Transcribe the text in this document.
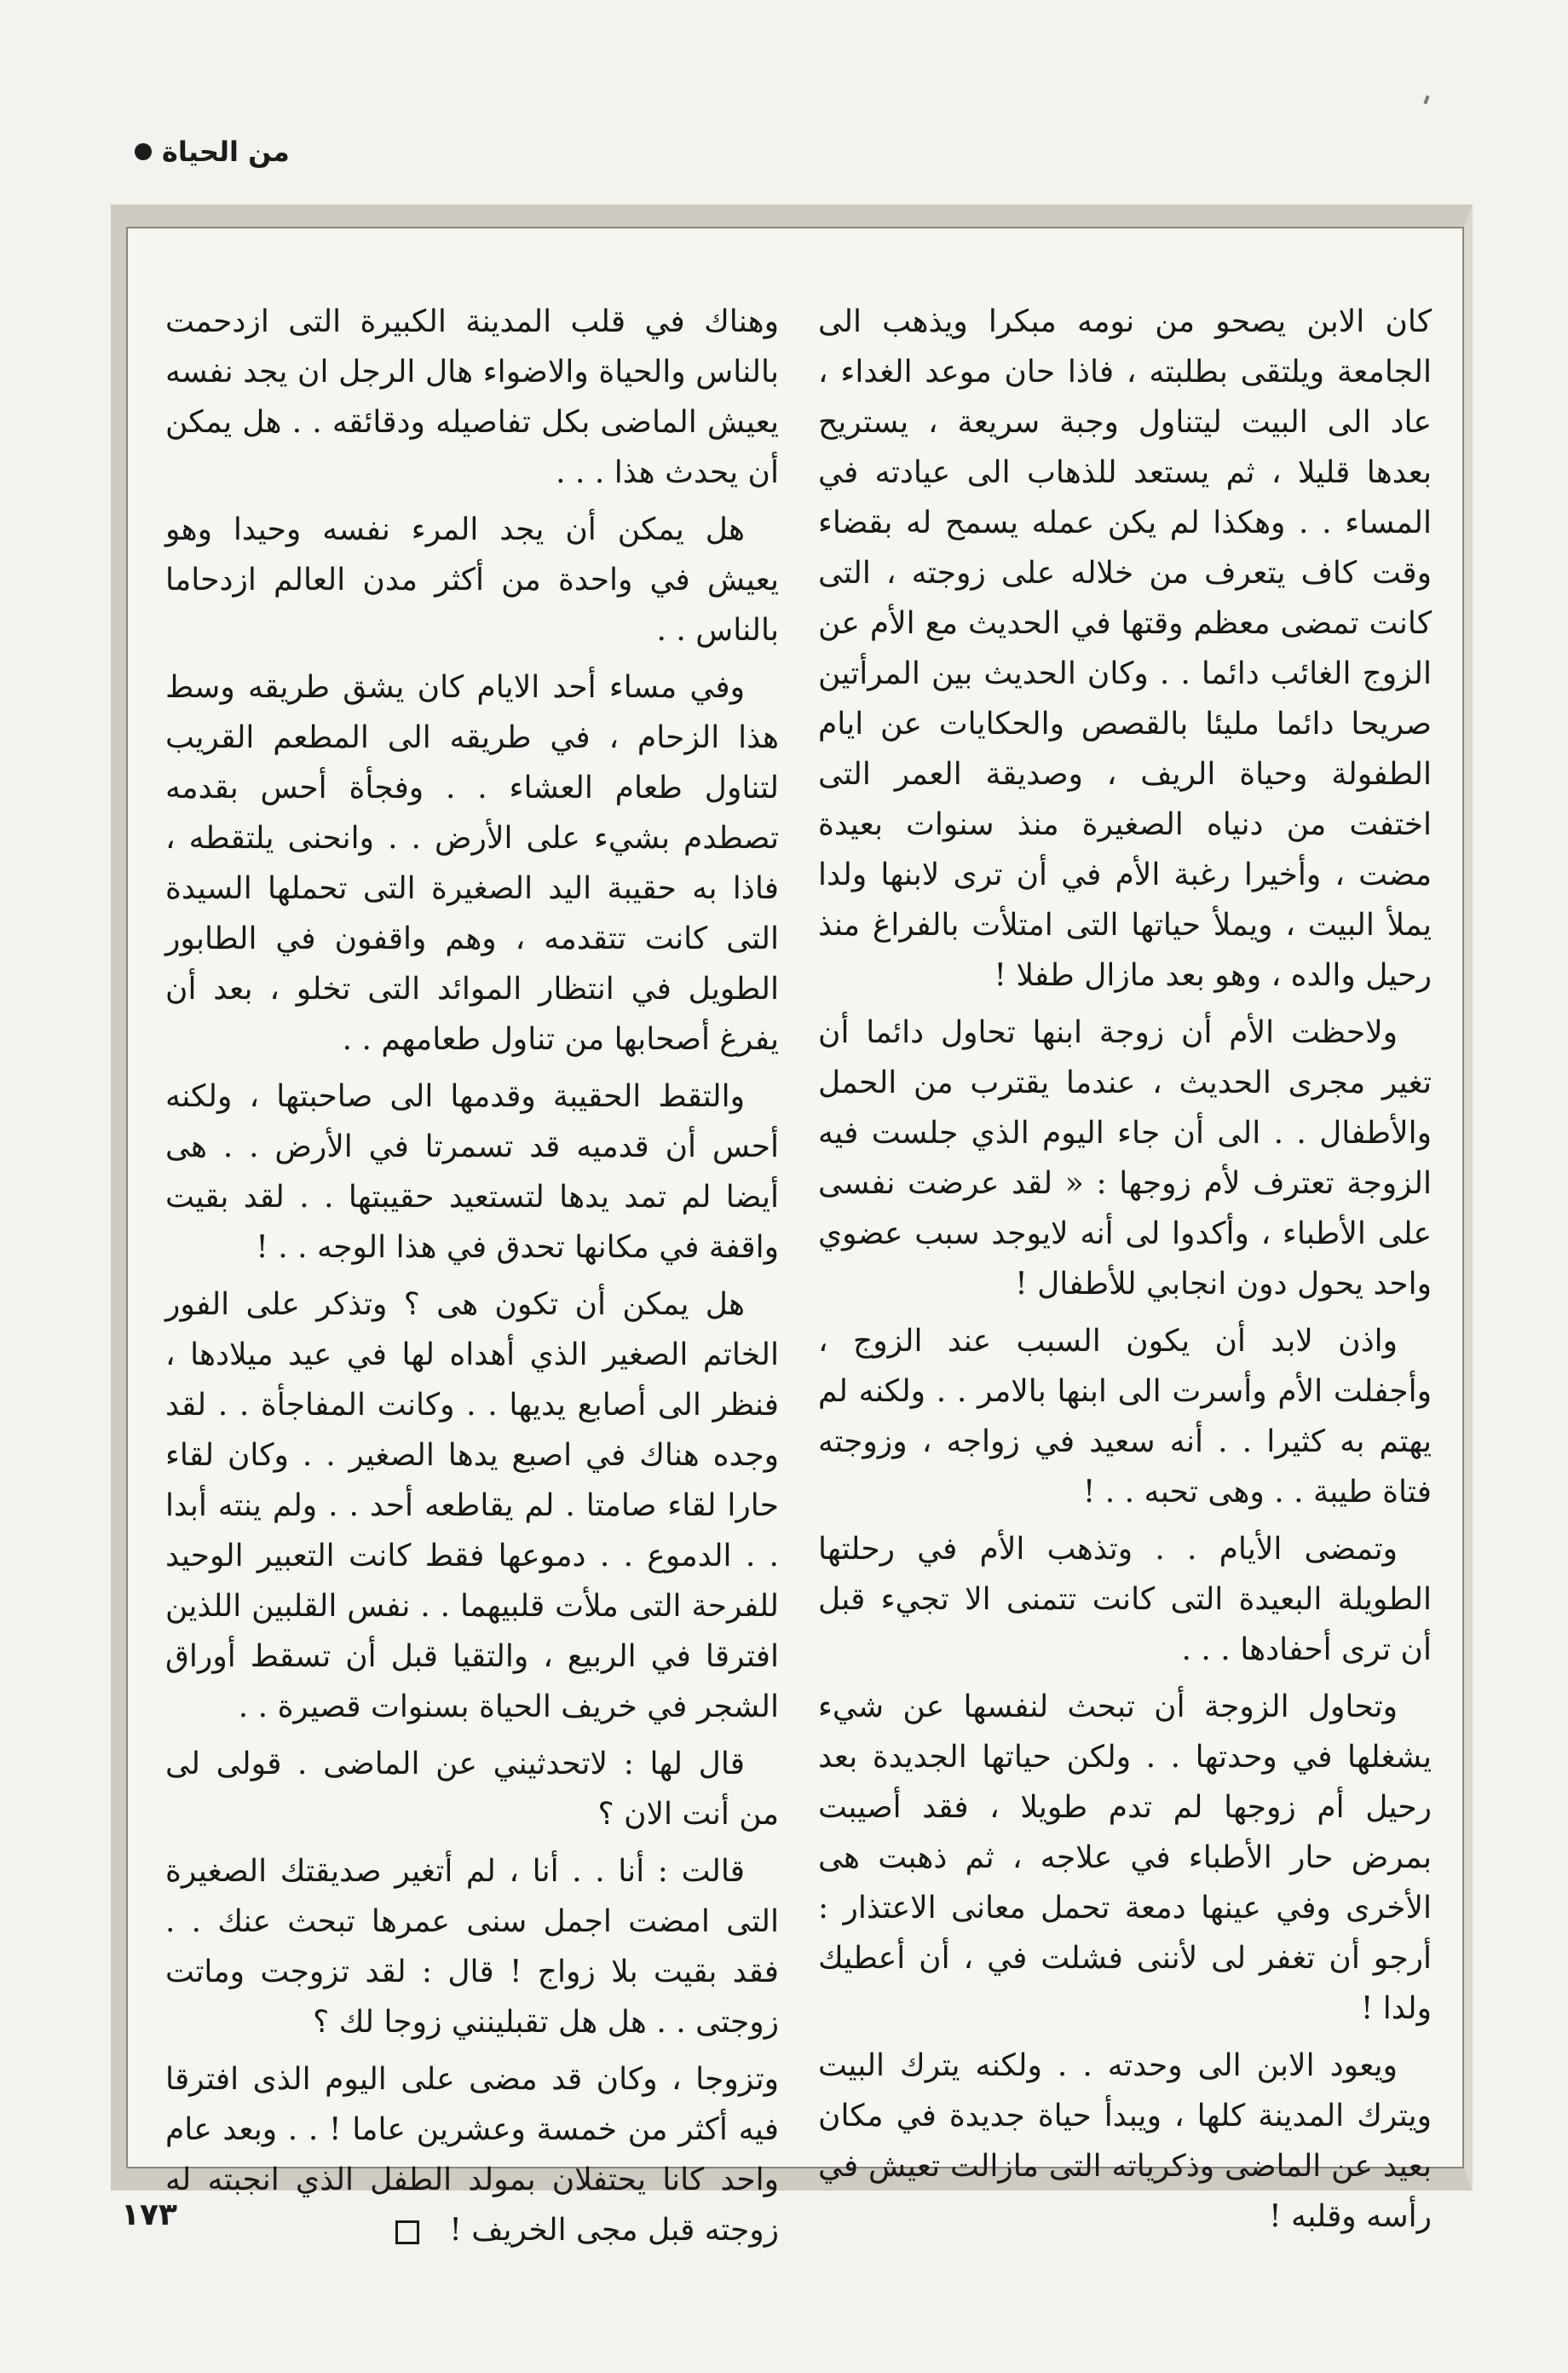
من الحياة

كان الابن يصحو من نومه مبكرا ويذهب الى الجامعة ويلتقى بطلبته ، فاذا حان موعد الغداء ، عاد الى البيت ليتناول وجبة سريعة ، يستريح بعدها قليلا ، ثم يستعد للذهاب الى عيادته في المساء . . وهكذا لم يكن عمله يسمح له بقضاء وقت كاف يتعرف من خلاله على زوجته ، التى كانت تمضى معظم وقتها في الحديث مع الأم عن الزوج الغائب دائما . . وكان الحديث بين المرأتين صريحا دائما مليئا بالقصص والحكايات عن ايام الطفولة وحياة الريف ، وصديقة العمر التى اختفت من دنياه الصغيرة منذ سنوات بعيدة مضت ، وأخيرا رغبة الأم في أن ترى لابنها ولدا يملأ البيت ، ويملأ حياتها التى امتلأت بالفراغ منذ رحيل والده ، وهو بعد مازال طفلا !

ولاحظت الأم أن زوجة ابنها تحاول دائما أن تغير مجرى الحديث ، عندما يقترب من الحمل والأطفال . . الى أن جاء اليوم الذي جلست فيه الزوجة تعترف لأم زوجها : « لقد عرضت نفسى على الأطباء ، وأكدوا لى أنه لايوجد سبب عضوي واحد يحول دون انجابي للأطفال !

واذن لابد أن يكون السبب عند الزوج ، وأجفلت الأم وأسرت الى ابنها بالامر . . ولكنه لم يهتم به كثيرا . . أنه سعيد في زواجه ، وزوجته فتاة طيبة . . وهى تحبه . . !

وتمضى الأيام . . وتذهب الأم في رحلتها الطويلة البعيدة التى كانت تتمنى الا تجيء قبل أن ترى أحفادها . . .

وتحاول الزوجة أن تبحث لنفسها عن شيء يشغلها في وحدتها . . ولكن حياتها الجديدة بعد رحيل أم زوجها لم تدم طويلا ، فقد أصيبت بمرض حار الأطباء في علاجه ، ثم ذهبت هى الأخرى وفي عينها دمعة تحمل معانى الاعتذار : أرجو أن تغفر لى لأننى فشلت في ، أن أعطيك ولدا !

ويعود الابن الى وحدته . . ولكنه يترك البيت ويترك المدينة كلها ، ويبدأ حياة جديدة في مكان بعيد عن الماضى وذكرياته التى مازالت تعيش في رأسه وقلبه !

وهناك في قلب المدينة الكبيرة التى ازدحمت بالناس والحياة والاضواء هال الرجل ان يجد نفسه يعيش الماضى بكل تفاصيله ودقائقه . . هل يمكن أن يحدث هذا . . .

هل يمكن أن يجد المرء نفسه وحيدا وهو يعيش في واحدة من أكثر مدن العالم ازدحاما بالناس . .

وفي مساء أحد الايام كان يشق طريقه وسط هذا الزحام ، في طريقه الى المطعم القريب لتناول طعام العشاء . . وفجأة أحس بقدمه تصطدم بشيء على الأرض . . وانحنى يلتقطه ، فاذا به حقيبة اليد الصغيرة التى تحملها السيدة التى كانت تتقدمه ، وهم واقفون في الطابور الطويل في انتظار الموائد التى تخلو ، بعد أن يفرغ أصحابها من تناول طعامهم . .

والتقط الحقيبة وقدمها الى صاحبتها ، ولكنه أحس أن قدميه قد تسمرتا في الأرض . . هى أيضا لم تمد يدها لتستعيد حقيبتها . . لقد بقيت واقفة في مكانها تحدق في هذا الوجه . . !

هل يمكن أن تكون هى ؟ وتذكر على الفور الخاتم الصغير الذي أهداه لها في عيد ميلادها ، فنظر الى أصابع يديها . . وكانت المفاجأة . . لقد وجده هناك في اصبع يدها الصغير . . وكان لقاء حارا لقاء صامتا . لم يقاطعه أحد . . ولم ينته أبدا . . الدموع . . دموعها فقط كانت التعبير الوحيد للفرحة التى ملأت قلبيهما . . نفس القلبين اللذين افترقا في الربيع ، والتقيا قبل أن تسقط أوراق الشجر في خريف الحياة بسنوات قصيرة . .

قال لها : لاتحدثيني عن الماضى . قولى لى من أنت الان ؟

قالت : أنا . . أنا ، لم أتغير صديقتك الصغيرة التى امضت اجمل سنى عمرها تبحث عنك . . فقد بقيت بلا زواج ! قال : لقد تزوجت وماتت زوجتى . . هل هل تقبلينني زوجا لك ؟

وتزوجا ، وكان قد مضى على اليوم الذى افترقا فيه أكثر من خمسة وعشرين عاما ! . . وبعد عام واحد كانا يحتفلان بمولد الطفل الذي انجبته له زوجته قبل مجى الخريف !

١٧٣
